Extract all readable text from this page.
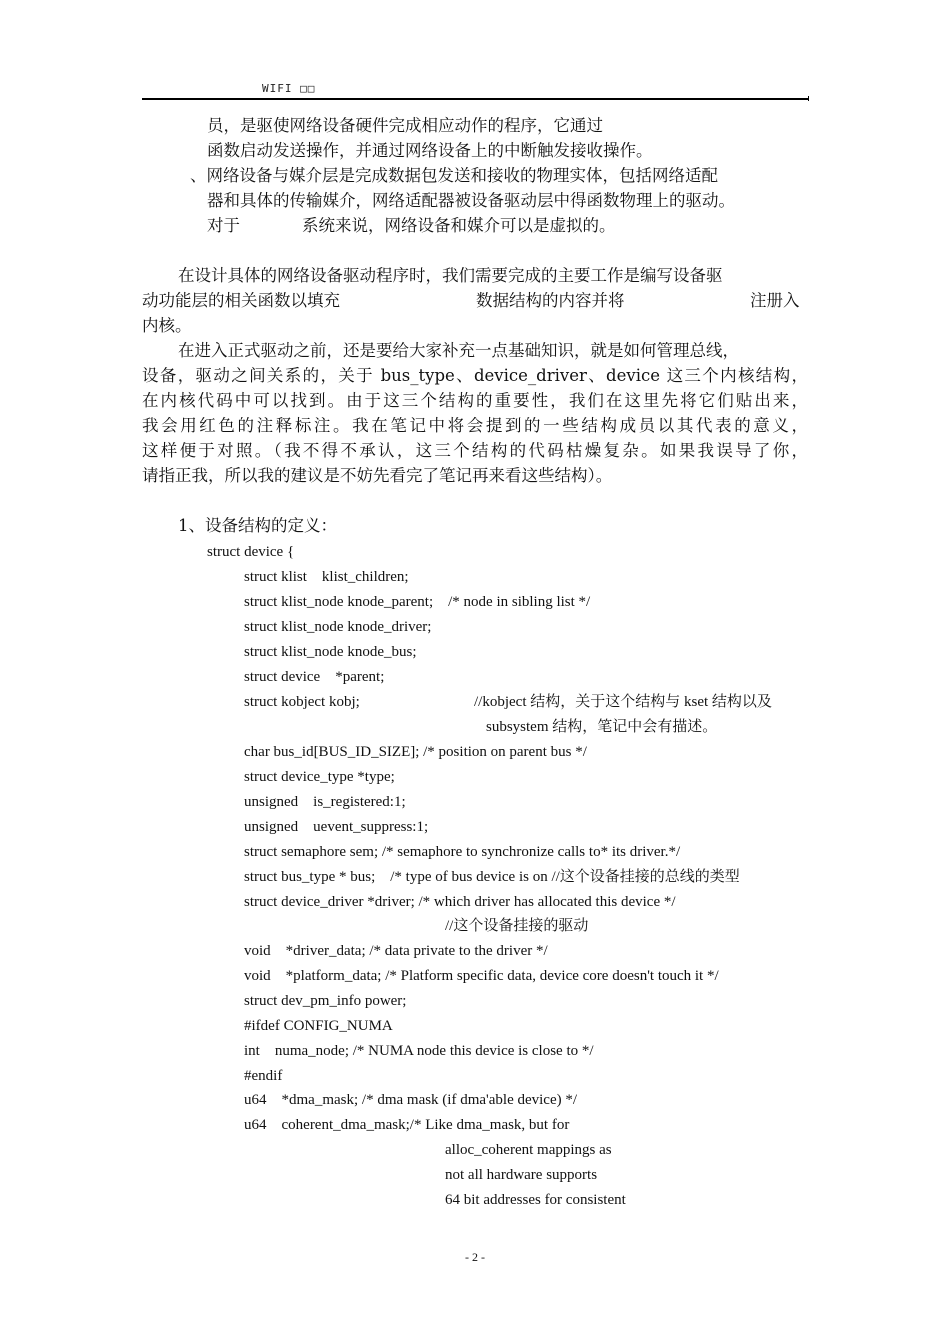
WIFI □□
员，是驱使网络设备硬件完成相应动作的程序，它通过
函数启动发送操作，并通过网络设备上的中断触发接收操作。
、网络设备与媒介层是完成数据包发送和接收的物理实体，包括网络适配
器和具体的传输媒介，网络适配器被设备驱动层中得函数物理上的驱动。
对于	系统来说，网络设备和媒介可以是虚拟的。
在设计具体的网络设备驱动程序时，我们需要完成的主要工作是编写设备驱
动功能层的相关函数以填充	数据结构的内容并将	注册入
内核。
在进入正式驱动之前，还是要给大家补充一点基础知识，就是如何管理总线，
设备，驱动之间关系的，关于 bus_type、device_driver、device 这三个内核结构，
在内核代码中可以找到。由于这三个结构的重要性，我们在这里先将它们贴出来，
我会用红色的注释标注。我在笔记中将会提到的一些结构成员以其代表的意义，
这样便于对照。（我不得不承认，这三个结构的代码枯燥复杂。如果我误导了你，
请指正我，所以我的建议是不妨先看完了笔记再来看这些结构）。
1、设备结构的定义：
struct device {
struct klist    klist_children;
struct klist_node knode_parent;    /* node in sibling list */
struct klist_node knode_driver;
struct klist_node knode_bus;
struct device    *parent;
struct kobject kobj;	//kobject 结构，关于这个结构与 kset 结构以及
subsystem 结构，笔记中会有描述。
char bus_id[BUS_ID_SIZE]; /* position on parent bus */
struct device_type *type;
unsigned    is_registered:1;
unsigned    uevent_suppress:1;
struct semaphore sem; /* semaphore to synchronize calls to* its driver.*/
struct bus_type * bus;    /* type of bus device is on //这个设备挂接的总线的类型
struct device_driver *driver; /* which driver has allocated this device */
//这个设备挂接的驱动
void    *driver_data; /* data private to the driver */
void    *platform_data; /* Platform specific data, device core doesn't touch it */
struct dev_pm_info power;
#ifdef CONFIG_NUMA
int    numa_node; /* NUMA node this device is close to */
#endif
u64    *dma_mask; /* dma mask (if dma'able device) */
u64    coherent_dma_mask;/* Like dma_mask, but for
alloc_coherent mappings as
not all hardware supports
64 bit addresses for consistent
- 2 -
